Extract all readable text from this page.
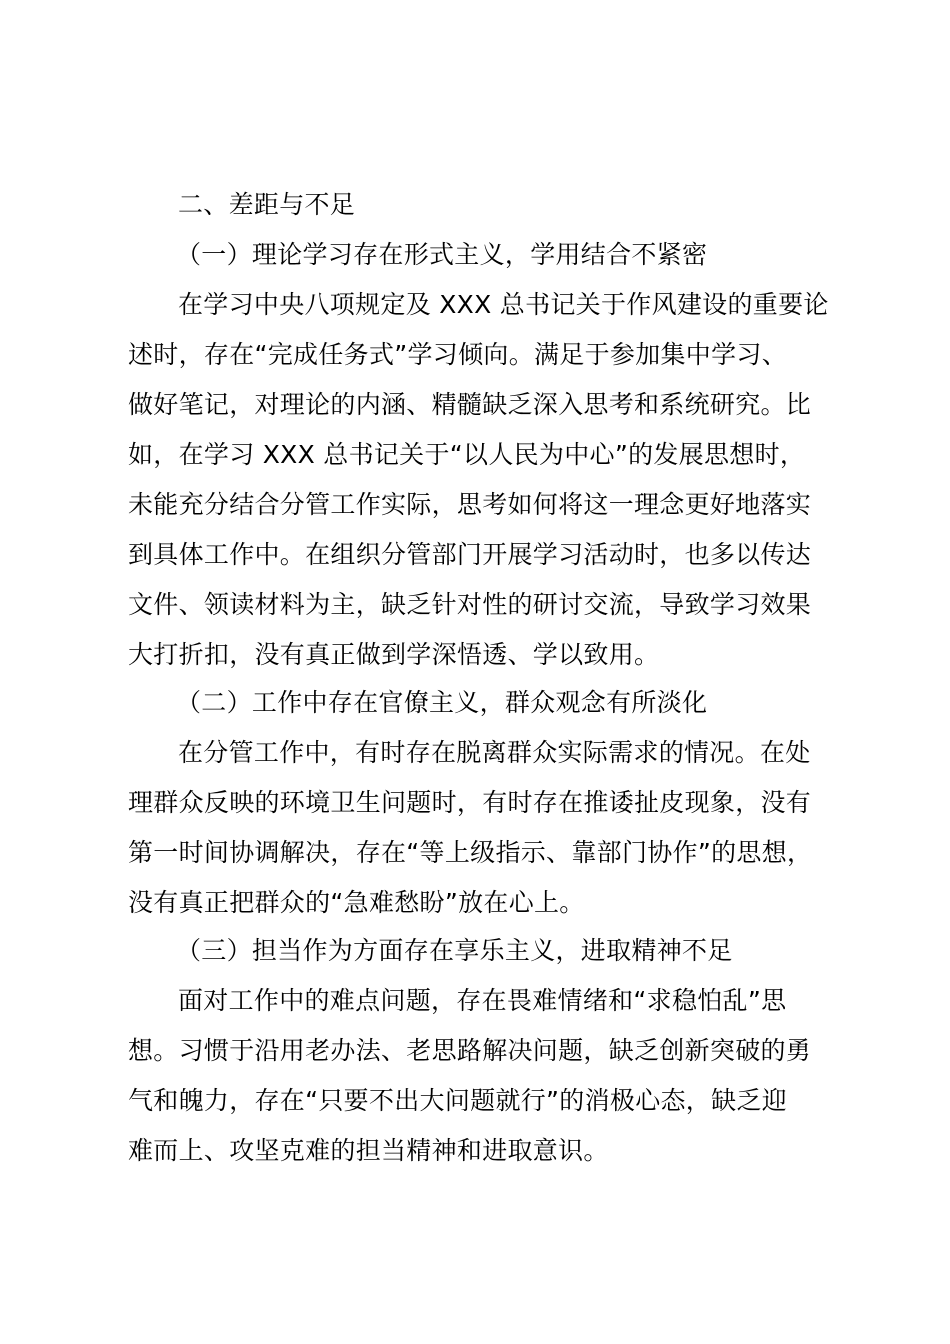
二、差距与不足
（一）理论学习存在形式主义，学用结合不紧密
在学习中央八项规定及 XXX 总书记关于作风建设的重要论
述时，存在“完成任务式”学习倾向。满足于参加集中学习、
做好笔记，对理论的内涵、精髓缺乏深入思考和系统研究。比
如，在学习 XXX 总书记关于“以人民为中心”的发展思想时，
未能充分结合分管工作实际，思考如何将这一理念更好地落实
到具体工作中。在组织分管部门开展学习活动时，也多以传达
文件、领读材料为主，缺乏针对性的研讨交流，导致学习效果
大打折扣，没有真正做到学深悟透、学以致用。
（二）工作中存在官僚主义，群众观念有所淡化
在分管工作中，有时存在脱离群众实际需求的情况。在处
理群众反映的环境卫生问题时，有时存在推诿扯皮现象，没有
第一时间协调解决，存在“等上级指示、靠部门协作”的思想，
没有真正把群众的“急难愁盼”放在心上。
（三）担当作为方面存在享乐主义，进取精神不足
面对工作中的难点问题，存在畏难情绪和“求稳怕乱”思
想。习惯于沿用老办法、老思路解决问题，缺乏创新突破的勇
气和魄力，存在“只要不出大问题就行”的消极心态，缺乏迎
难而上、攻坚克难的担当精神和进取意识。
